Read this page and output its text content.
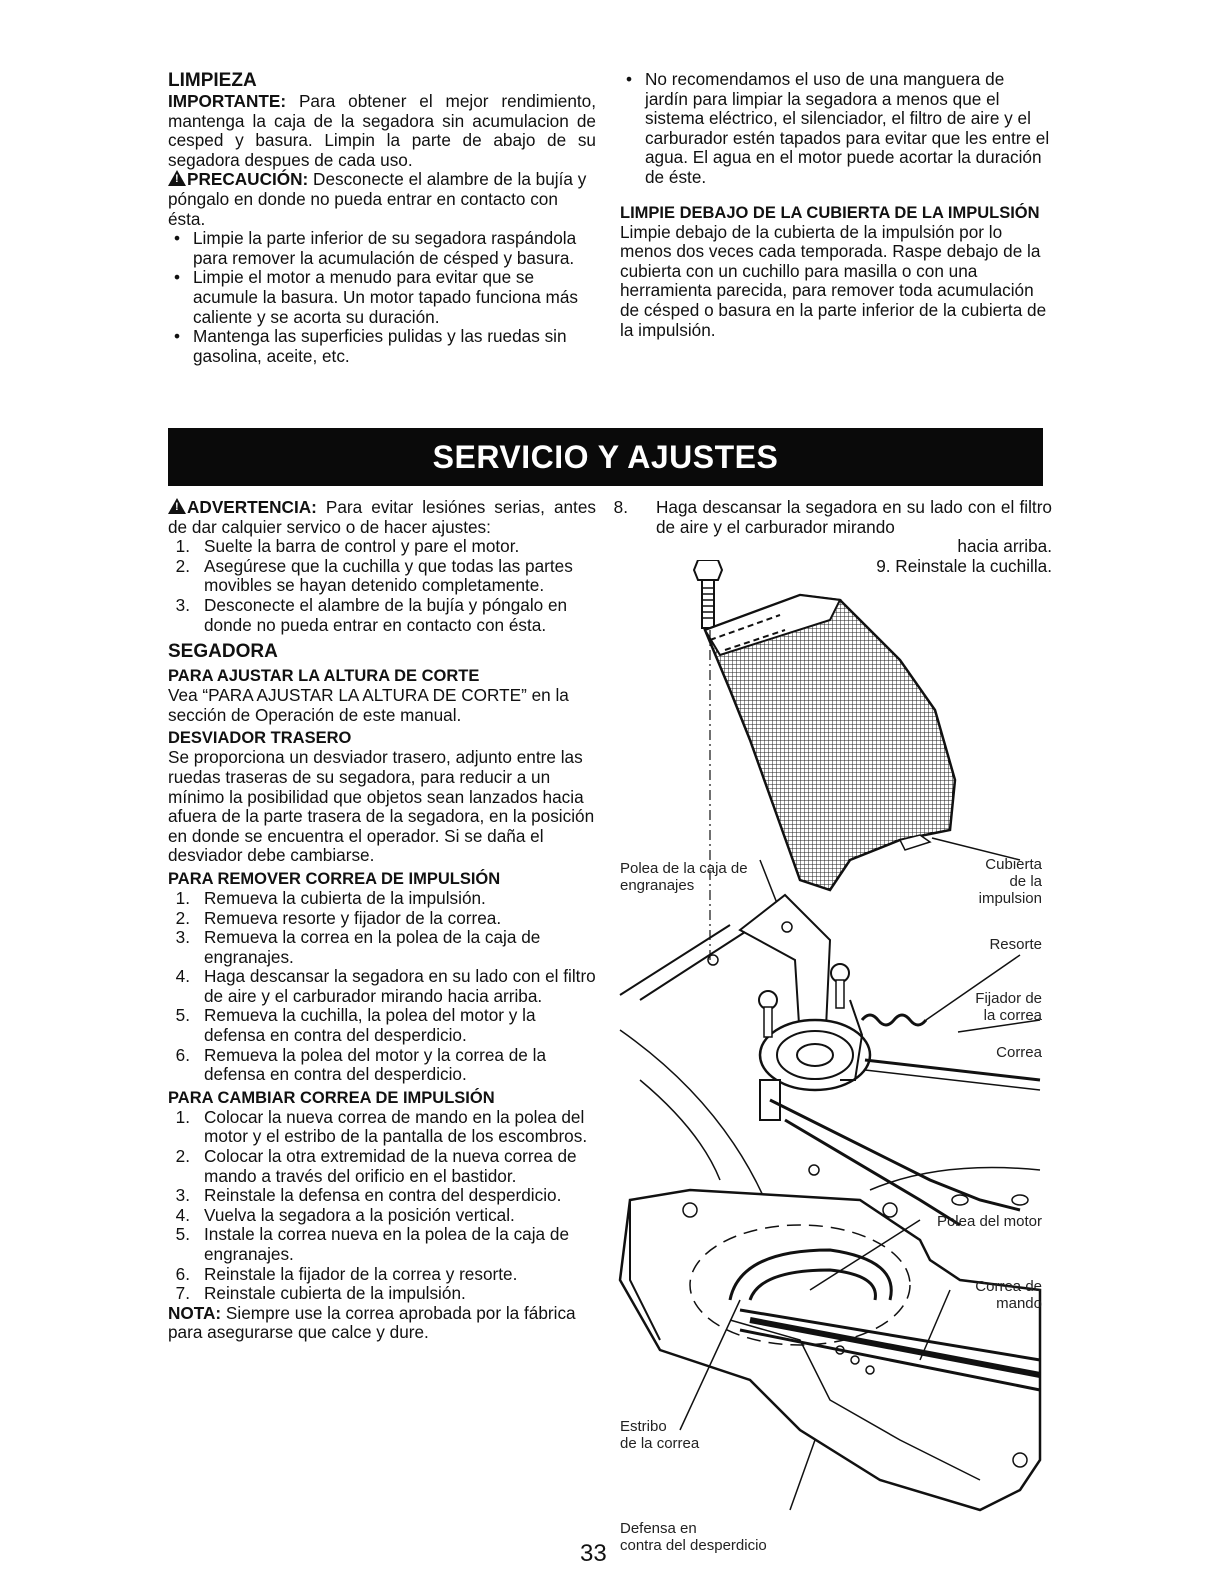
LIMPIEZA

IMPORTANTE: Para obtener el mejor rendimiento, mantenga la caja de la segadora sin acumulacion de cesped y basura. Limpin la parte de abajo de su segadora despues de cada uso.

!PRECAUCIÓN: Desconecte el alambre de la bujía y póngalo en donde no pueda entrar en contacto con ésta.

• Limpie la parte inferior de su segadora raspándola para remover la acumulación de césped y basura.
• Limpie el motor a menudo para evitar que se acumule la basura. Un motor tapado funciona más caliente y se acorta su duración.
• Mantenga las superficies pulidas y las ruedas sin gasolina, aceite, etc.
• No recomendamos el uso de una manguera de jardín para limpiar la segadora a menos que el sistema eléctrico, el silenciador, el filtro de aire y el carburador estén tapados para evitar que les entre el agua. El agua en el motor puede acortar la duración de éste.
LIMPIE DEBAJO DE LA CUBIERTA DE LA IMPULSIÓN

Limpie debajo de la cubierta de la impulsión por lo menos dos veces cada temporada. Raspe debajo de la cubierta con un cuchillo para masilla o con una herramienta parecida, para remover toda acumulación de césped o basura en la parte inferior de la cubierta de la impulsión.

SERVICIO Y AJUSTES

!ADVERTENCIA: Para evitar lesiónes serias, antes de dar calquier servico o de hacer ajustes:

1. Suelte la barra de control y pare el motor.
2. Asegúrese que la cuchilla y que todas las partes movibles se hayan detenido completamente.
3. Desconecte el alambre de la bujía y póngalo en donde no pueda entrar en contacto con ésta.
SEGADORA
PARA AJUSTAR LA ALTURA DE CORTE

Vea “PARA AJUSTAR LA ALTURA DE CORTE” en la sección de Operación de este manual.

DESVIADOR TRASERO

Se proporciona un desviador trasero, adjunto entre las ruedas traseras de su segadora, para reducir a un mínimo la posibilidad que objetos sean lanzados hacia afuera de la parte trasera de la segadora, en la posición en donde se encuentra el operador. Si se daña el desviador debe cambiarse.

PARA REMOVER CORREA DE IMPULSIÓN
1. Remueva la cubierta de la impulsión.
2. Remueva resorte y fijador de la correa.
3. Remueva la correa en la polea de la caja de engranajes.
4. Haga descansar la segadora en su lado con el filtro de aire y el carburador mirando hacia arriba.
5. Remueva la cuchilla, la polea del motor y la defensa en contra del desperdicio.
6. Remueva la polea del motor y la correa de la defensa en contra del desperdicio.
PARA CAMBIAR CORREA DE IMPULSIÓN
1. Colocar la nueva correa de mando en la polea del motor y el estribo de la pantalla de los escombros.
2. Colocar la otra extremidad de la nueva correa de mando a través del orificio en el bastidor.
3. Reinstale la defensa en contra del desperdicio.
4. Vuelva la segadora a la posición vertical.
5. Instale la correa nueva en la polea de la caja de engranajes.
6. Reinstale la fijador de la correa y resorte.
7. Reinstale cubierta de la impulsión.

NOTA: Siempre use la correa aprobada por la fábrica para asegurarse que calce y dure.

8. Haga descansar la segadora en su lado con el filtro de aire y el carburador mirando
hacia arriba.
9. Reinstale la cuchilla.
Polea de la caja de
engranajes
Cubierta
de la
impulsion
Resorte
Fijador de
la correa
Correa
Polea del motor
Correa de
mando
Estribo
de la correa
Defensa en
contra del desperdicio
33
